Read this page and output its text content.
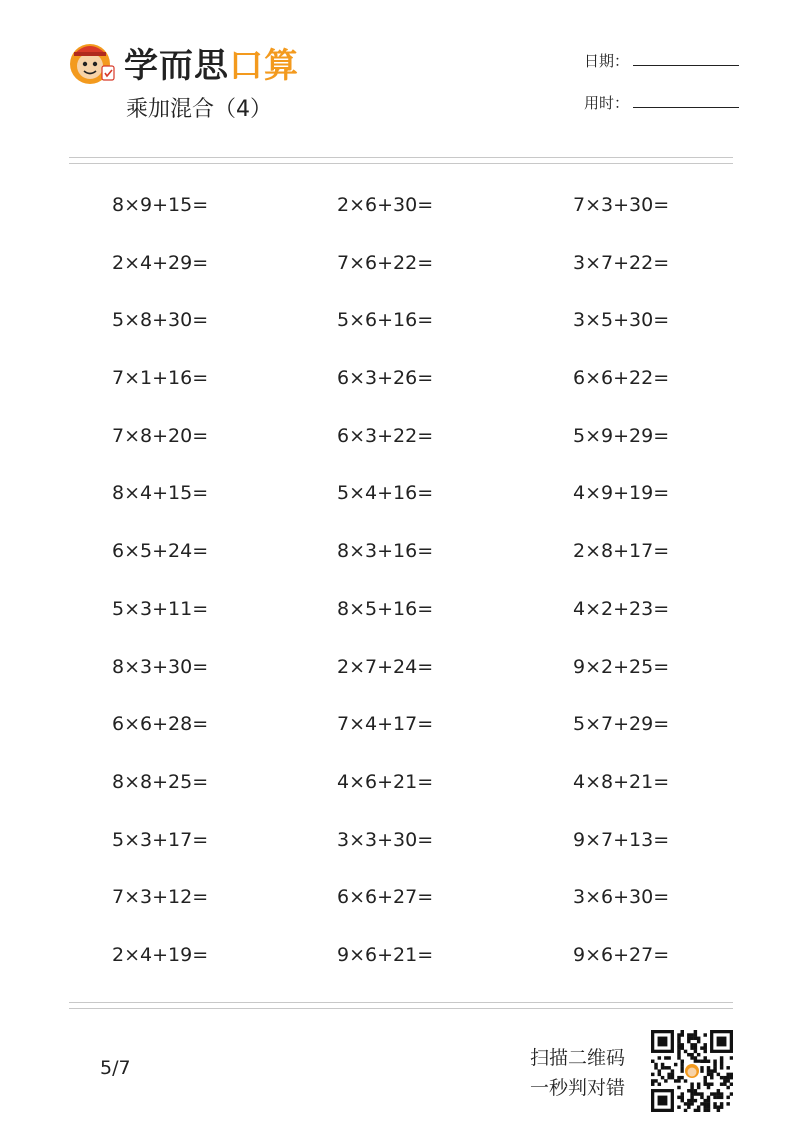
学而思口算
乘加混合（4）
日期：
用时：
8×9+15=	2×6+30=	7×3+30=
2×4+29=	7×6+22=	3×7+22=
5×8+30=	5×6+16=	3×5+30=
7×1+16=	6×3+26=	6×6+22=
7×8+20=	6×3+22=	5×9+29=
8×4+15=	5×4+16=	4×9+19=
6×5+24=	8×3+16=	2×8+17=
5×3+11=	8×5+16=	4×2+23=
8×3+30=	2×7+24=	9×2+25=
6×6+28=	7×4+17=	5×7+29=
8×8+25=	4×6+21=	4×8+21=
5×3+17=	3×3+30=	9×7+13=
7×3+12=	6×6+27=	3×6+30=
2×4+19=	9×6+21=	9×6+27=
5/7	扫描二维码
一秒判对错
